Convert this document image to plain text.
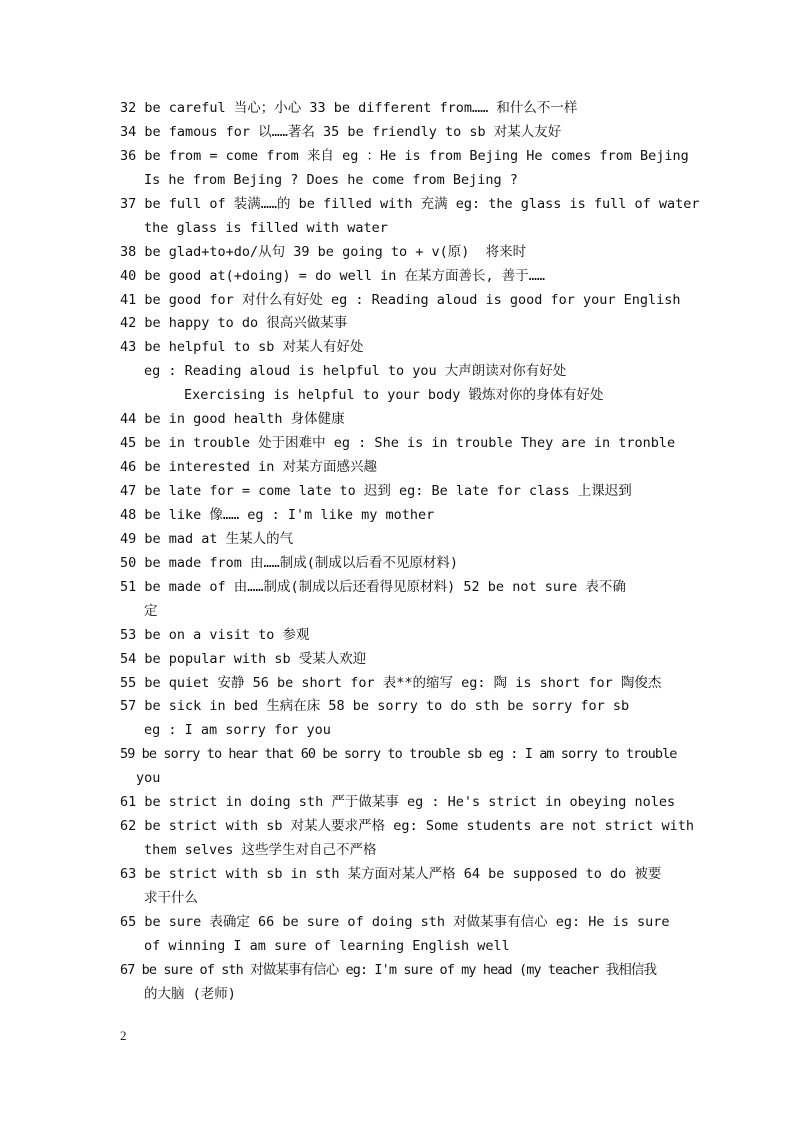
32 be careful 当心；小心 33 be different from…… 和什么不一样
34 be famous for 以……著名 35 be friendly to sb 对某人友好
36 be from = come from 来自 eg ：He is from Bejing He comes from Bejing
Is he from Bejing ? Does he come from Bejing ?
37 be full of 装满……的 be filled with 充满 eg: the glass is full of water
the glass is filled with water
38 be glad+to+do/从句 39 be going to + v(原)  将来时
40 be good at(+doing) = do well in 在某方面善长, 善于……
41 be good for 对什么有好处 eg : Reading aloud is good for your English
42 be happy to do 很高兴做某事
43 be helpful to sb 对某人有好处
eg : Reading aloud is helpful to you 大声朗读对你有好处
Exercising is helpful to your body 锻炼对你的身体有好处
44 be in good health 身体健康
45 be in trouble 处于困难中 eg : She is in trouble They are in tronble
46 be interested in 对某方面感兴趣
47 be late for = come late to 迟到 eg: Be late for class 上课迟到
48 be like 像…… eg : I'm like my mother
49 be mad at 生某人的气
50 be made from 由……制成(制成以后看不见原材料)
51 be made of 由……制成(制成以后还看得见原材料) 52 be not sure 表不确
定
53 be on a visit to 参观
54 be popular with sb 受某人欢迎
55 be quiet 安静 56 be short for 表**的缩写 eg: 陶 is short for 陶俊杰
57 be sick in bed 生病在床 58 be sorry to do sth be sorry for sb
eg : I am sorry for you
59 be sorry to hear that 60 be sorry to trouble sb eg : I am sorry to trouble
you
61 be strict in doing sth 严于做某事 eg : He's strict in obeying noles
62 be strict with sb 对某人要求严格 eg: Some students are not strict with
them selves 这些学生对自己不严格
63 be strict with sb in sth 某方面对某人严格 64 be supposed to do 被要
求干什么
65 be sure 表确定 66 be sure of doing sth 对做某事有信心 eg: He is sure
of winning I am sure of learning English well
67 be sure of sth 对做某事有信心 eg: I'm sure of my head (my teacher 我相信我
的大脑 (老师)
2
